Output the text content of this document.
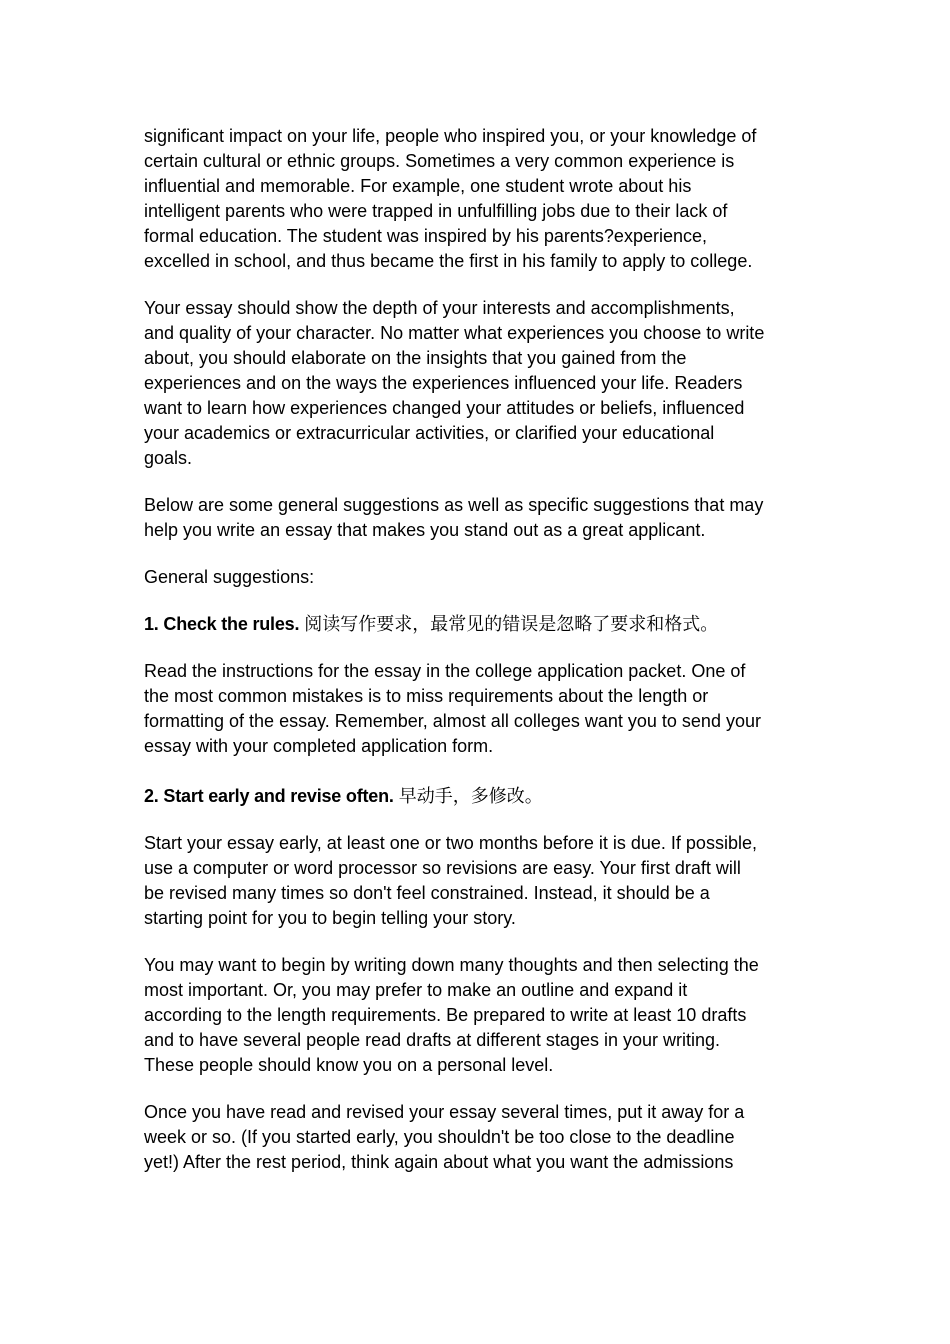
significant impact on your life, people who inspired you, or your knowledge of
certain cultural or ethnic groups. Sometimes a very common experience is
influential and memorable. For example, one student wrote about his
intelligent parents who were trapped in unfulfilling jobs due to their lack of
formal education. The student was inspired by his parents?experience,
excelled in school, and thus became the first in his family to apply to college.

Your essay should show the depth of your interests and accomplishments,
and quality of your character. No matter what experiences you choose to write
about, you should elaborate on the insights that you gained from the
experiences and on the ways the experiences influenced your life. Readers
want to learn how experiences changed your attitudes or beliefs, influenced
your academics or extracurricular activities, or clarified your educational
goals.

Below are some general suggestions as well as specific suggestions that may
help you write an essay that makes you stand out as a great applicant.

General suggestions:

1. Check the rules. 阅读写作要求，最常见的错误是忽略了要求和格式。

Read the instructions for the essay in the college application packet. One of
the most common mistakes is to miss requirements about the length or
formatting of the essay. Remember, almost all colleges want you to send your
essay with your completed application form.

2. Start early and revise often. 早动手，多修改。

Start your essay early, at least one or two months before it is due. If possible,
use a computer or word processor so revisions are easy. Your first draft will
be revised many times so don't feel constrained. Instead, it should be a
starting point for you to begin telling your story.

You may want to begin by writing down many thoughts and then selecting the
most important. Or, you may prefer to make an outline and expand it
according to the length requirements. Be prepared to write at least 10 drafts
and to have several people read drafts at different stages in your writing.
These people should know you on a personal level.

Once you have read and revised your essay several times, put it away for a
week or so. (If you started early, you shouldn't be too close to the deadline
yet!) After the rest period, think again about what you want the admissions
